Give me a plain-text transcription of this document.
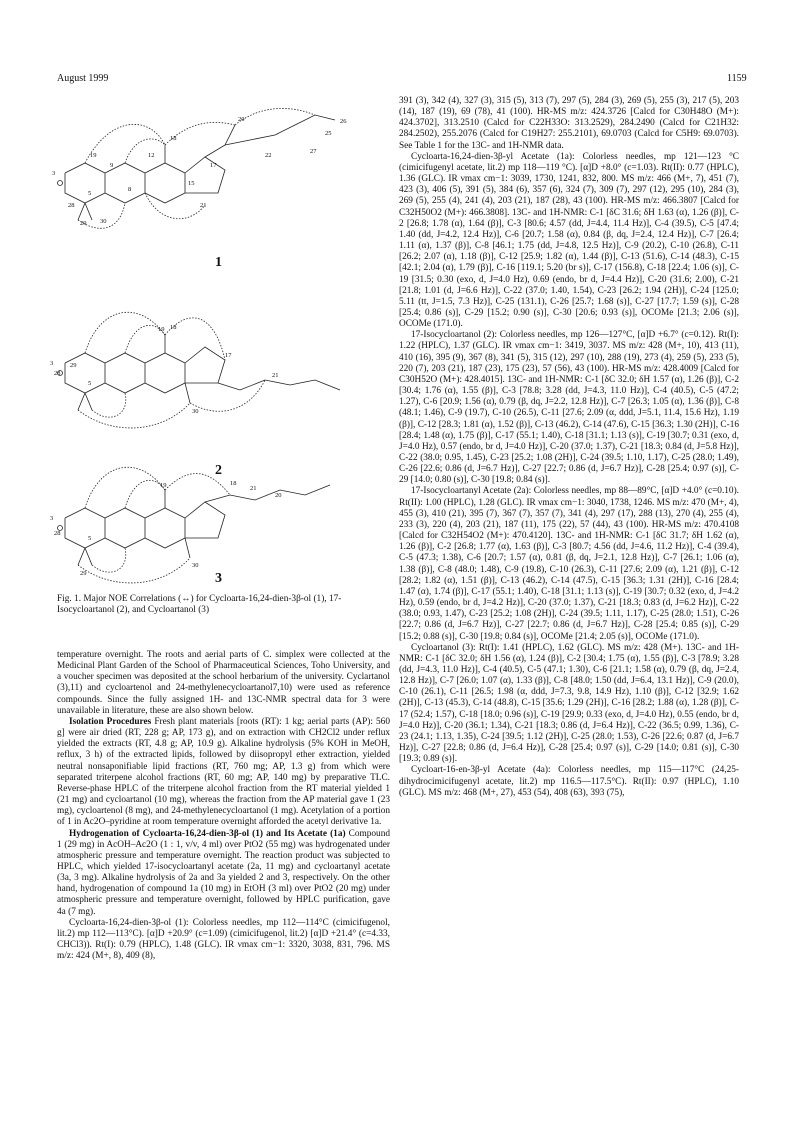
August 1999	1159
26
18
20
25
19	12
27
22
3
28
5
8
15
21
29
9
30
17
29
19 18
17
28
3
5
30
21
19	18
21
20
3
28
5
30
29
1
2
3
Fig. 1. Major NOE Correlations (↔) for Cycloarta-16,24-dien-3β-ol (1), 17-Isocycloartanol (2), and Cycloartanol (3)

temperature overnight. The roots and aerial parts of C. simplex were collected at the Medicinal Plant Garden of the School of Pharmaceutical Sciences, Toho University, and a voucher specimen was deposited at the school herbarium of the university. Cyclartanol (3),11) and cycloartenol and 24-methylenecycloartanol7,10) were used as reference compounds. Since the fully assigned 1H- and 13C-NMR spectral data for 3 were unavailable in literature, these are also shown below.

Isolation Procedures Fresh plant materials [roots (RT): 1 kg; aerial parts (AP): 560 g] were air dried (RT, 228 g; AP, 173 g), and on extraction with CH2Cl2 under reflux yielded the extracts (RT, 4.8 g; AP, 10.9 g). Alkaline hydrolysis (5% KOH in MeOH, reflux, 3 h) of the extracted lipids, followed by diisopropyl ether extraction, yielded neutral nonsaponifiable lipid fractions (RT, 760 mg; AP, 1.3 g) from which were separated triterpene alcohol fractions (RT, 60 mg; AP, 140 mg) by preparative TLC. Reverse-phase HPLC of the triterpene alcohol fraction from the RT material yielded 1 (21 mg) and cycloartanol (10 mg), whereas the fraction from the AP material gave 1 (23 mg), cycloartenol (8 mg), and 24-methylenecycloartanol (1 mg). Acetylation of a portion of 1 in Ac2O–pyridine at room temperature overnight afforded the acetyl derivative 1a.

Hydrogenation of Cycloarta-16,24-dien-3β-ol (1) and Its Acetate (1a) Compound 1 (29 mg) in AcOH–Ac2O (1 : 1, v/v, 4 ml) over PtO2 (55 mg) was hydrogenated under atmospheric pressure and temperature overnight. The reaction product was subjected to HPLC, which yielded 17-isocycloartanyl acetate (2a, 11 mg) and cycloartanyl acetate (3a, 3 mg). Alkaline hydrolysis of 2a and 3a yielded 2 and 3, respectively. On the other hand, hydrogenation of compound 1a (10 mg) in EtOH (3 ml) over PtO2 (20 mg) under atmospheric pressure and temperature overnight, followed by HPLC purification, gave 4a (7 mg).

Cycloarta-16,24-dien-3β-ol (1): Colorless needles, mp 112—114°C (cimicifugenol, lit.2) mp 112—113°C). [α]D +20.9° (c=1.09) (cimicifugenol, lit.2) [α]D +21.4° (c=4.33, CHCl3)). Rt(I): 0.79 (HPLC), 1.48 (GLC). IR νmax cm−1: 3320, 3038, 831, 796. MS m/z: 424 (M+, 8), 409 (8),

391 (3), 342 (4), 327 (3), 315 (5), 313 (7), 297 (5), 284 (3), 269 (5), 255 (3), 217 (5), 203 (14), 187 (19), 69 (78), 41 (100). HR-MS m/z: 424.3726 [Calcd for C30H48O (M+): 424.3702], 313.2510 (Calcd for C22H33O: 313.2529), 284.2490 (Calcd for C21H32: 284.2502), 255.2076 (Calcd for C19H27: 255.2101), 69.0703 (Calcd for C5H9: 69.0703). See Table 1 for the 13C- and 1H-NMR data.

Cycloarta-16,24-dien-3β-yl Acetate (1a): Colorless needles, mp 121—123 °C (cimicifugenyl acetate, lit.2) mp 118—119 °C). [α]D +8.0° (c=1.03). Rt(II): 0.77 (HPLC), 1.36 (GLC). IR νmax cm−1: 3039, 1730, 1241, 832, 800. MS m/z: 466 (M+, 7), 451 (7), 423 (3), 406 (5), 391 (5), 384 (6), 357 (6), 324 (7), 309 (7), 297 (12), 295 (10), 284 (3), 269 (5), 255 (4), 241 (4), 203 (21), 187 (28), 43 (100). HR-MS m/z: 466.3807 [Calcd for C32H50O2 (M+): 466.3808]. 13C- and 1H-NMR: C-1 [δC 31.6; δH 1.63 (α), 1.26 (β)], C-2 [26.8; 1.78 (α), 1.64 (β)], C-3 [80.6; 4.57 (dd, J=4.4, 11.4 Hz)], C-4 (39.5), C-5 [47.4; 1.40 (dd, J=4.2, 12.4 Hz)], C-6 [20.7; 1.58 (α), 0.84 (β, dq, J=2.4, 12.4 Hz)], C-7 [26.4; 1.11 (α), 1.37 (β)], C-8 [46.1; 1.75 (dd, J=4.8, 12.5 Hz)], C-9 (20.2), C-10 (26.8), C-11 [26.2; 2.07 (α), 1.18 (β)], C-12 [25.9; 1.82 (α), 1.44 (β)], C-13 (51.6), C-14 (48.3), C-15 [42.1; 2.04 (α), 1.79 (β)], C-16 [119.1; 5.20 (br s)], C-17 (156.8), C-18 [22.4; 1.06 (s)], C-19 [31.5; 0.30 (exo, d, J=4.0 Hz), 0.69 (endo, br d, J=4.4 Hz)], C-20 (31.6; 2.00), C-21 [21.8; 1.01 (d, J=6.6 Hz)], C-22 (37.0; 1.40, 1.54), C-23 [26.2; 1.94 (2H)], C-24 [125.0; 5.11 (tt, J=1.5, 7.3 Hz)], C-25 (131.1), C-26 [25.7; 1.68 (s)], C-27 [17.7; 1.59 (s)], C-28 [25.4; 0.86 (s)], C-29 [15.2; 0.90 (s)], C-30 [20.6; 0.93 (s)], OCOMe [21.3; 2.06 (s)], OCOMe (171.0).

17-Isocycloartanol (2): Colorless needles, mp 126—127°C, [α]D +6.7° (c=0.12). Rt(I): 1.22 (HPLC), 1.37 (GLC). IR νmax cm−1: 3419, 3037. MS m/z: 428 (M+, 10), 413 (11), 410 (16), 395 (9), 367 (8), 341 (5), 315 (12), 297 (10), 288 (19), 273 (4), 259 (5), 233 (5), 220 (7), 203 (21), 187 (23), 175 (23), 57 (56), 43 (100). HR-MS m/z: 428.4009 [Calcd for C30H52O (M+): 428.4015]. 13C- and 1H-NMR: C-1 [δC 32.0; δH 1.57 (α), 1.26 (β)], C-2 [30.4; 1.76 (α), 1.55 (β)], C-3 [78.8; 3.28 (dd, J=4.3, 11.0 Hz)], C-4 (40.5), C-5 (47.2; 1.27), C-6 [20.9; 1.56 (α), 0.79 (β, dq, J=2.2, 12.8 Hz)], C-7 [26.3; 1.05 (α), 1.36 (β)], C-8 (48.1; 1.46), C-9 (19.7), C-10 (26.5), C-11 [27.6; 2.09 (α, ddd, J=5.1, 11.4, 15.6 Hz), 1.19 (β)], C-12 [28.3; 1.81 (α), 1.52 (β)], C-13 (46.2), C-14 (47.6), C-15 [36.3; 1.30 (2H)], C-16 [28.4; 1.48 (α), 1.75 (β)], C-17 (55.1; 1.40), C-18 [31.1; 1.13 (s)], C-19 [30.7; 0.31 (exo, d, J=4.0 Hz), 0.57 (endo, br d, J=4.0 Hz)], C-20 (37.0; 1.37), C-21 [18.3; 0.84 (d, J=5.8 Hz)], C-22 (38.0; 0.95, 1.45), C-23 [25.2; 1.08 (2H)], C-24 (39.5; 1.10, 1.17), C-25 (28.0; 1.49), C-26 [22.6; 0.86 (d, J=6.7 Hz)], C-27 [22.7; 0.86 (d, J=6.7 Hz)], C-28 [25.4; 0.97 (s)], C-29 [14.0; 0.80 (s)], C-30 [19.8; 0.84 (s)].

17-Isocycloartanyl Acetate (2a): Colorless needles, mp 88—89°C, [α]D +4.0° (c=0.10). Rt(II): 1.00 (HPLC), 1.28 (GLC). IR νmax cm−1: 3040, 1738, 1246. MS m/z: 470 (M+, 4), 455 (3), 410 (21), 395 (7), 367 (7), 357 (7), 341 (4), 297 (17), 288 (13), 270 (4), 255 (4), 233 (3), 220 (4), 203 (21), 187 (11), 175 (22), 57 (44), 43 (100). HR-MS m/z: 470.4108 [Calcd for C32H54O2 (M+): 470.4120]. 13C- and 1H-NMR: C-1 [δC 31.7; δH 1.62 (α), 1.26 (β)], C-2 [26.8; 1.77 (α), 1.63 (β)], C-3 [80.7; 4.56 (dd, J=4.6, 11.2 Hz)], C-4 (39.4), C-5 (47.3; 1.38), C-6 [20.7; 1.57 (α), 0.81 (β, dq, J=2.1, 12.8 Hz)], C-7 [26.1; 1.06 (α), 1.38 (β)], C-8 (48.0; 1.48), C-9 (19.8), C-10 (26.3), C-11 [27.6; 2.09 (α), 1.21 (β)], C-12 [28.2; 1.82 (α), 1.51 (β)], C-13 (46.2), C-14 (47.5), C-15 [36.3; 1.31 (2H)], C-16 [28.4; 1.47 (α), 1.74 (β)], C-17 (55.1; 1.40), C-18 [31.1; 1.13 (s)], C-19 [30.7; 0.32 (exo, d, J=4.2 Hz), 0.59 (endo, br d, J=4.2 Hz)], C-20 (37.0; 1.37), C-21 [18.3; 0.83 (d, J=6.2 Hz)], C-22 (38.0; 0.93, 1.47), C-23 [25.2; 1.08 (2H)], C-24 (39.5; 1.11, 1.17), C-25 (28.0; 1.51), C-26 [22.7; 0.86 (d, J=6.7 Hz)], C-27 [22.7; 0.86 (d, J=6.7 Hz)], C-28 [25.4; 0.85 (s)], C-29 [15.2; 0.88 (s)], C-30 [19.8; 0.84 (s)], OCOMe [21.4; 2.05 (s)], OCOMe (171.0).

Cycloartanol (3): Rt(I): 1.41 (HPLC), 1.62 (GLC). MS m/z: 428 (M+). 13C- and 1H-NMR: C-1 [δC 32.0; δH 1.56 (α), 1.24 (β)], C-2 [30.4; 1.75 (α), 1.55 (β)], C-3 [78.9; 3.28 (dd, J=4.3, 11.0 Hz)], C-4 (40.5), C-5 (47.1; 1.30), C-6 [21.1; 1.58 (α), 0.79 (β, dq, J=2.4, 12.8 Hz)], C-7 [26.0; 1.07 (α), 1.33 (β)], C-8 [48.0; 1.50 (dd, J=6.4, 13.1 Hz)], C-9 (20.0), C-10 (26.1), C-11 [26.5; 1.98 (α, ddd, J=7.3, 9.8, 14.9 Hz), 1.10 (β)], C-12 [32.9; 1.62 (2H)], C-13 (45.3), C-14 (48.8), C-15 [35.6; 1.29 (2H)], C-16 [28.2; 1.88 (α), 1.28 (β)], C-17 (52.4; 1.57), C-18 [18.0; 0.96 (s)], C-19 [29.9; 0.33 (exo, d, J=4.0 Hz), 0.55 (endo, br d, J=4.0 Hz)], C-20 (36.1; 1.34), C-21 [18.3; 0.86 (d, J=6.4 Hz)], C-22 (36.5; 0.99, 1.36), C-23 (24.1; 1.13, 1.35), C-24 [39.5; 1.12 (2H)], C-25 (28.0; 1.53), C-26 [22.6; 0.87 (d, J=6.7 Hz)], C-27 [22.8; 0.86 (d, J=6.4 Hz)], C-28 [25.4; 0.97 (s)], C-29 [14.0; 0.81 (s)], C-30 [19.3; 0.89 (s)].

Cycloart-16-en-3β-yl Acetate (4a): Colorless needles, mp 115—117°C (24,25-dihydrocimicifugenyl acetate, lit.2) mp 116.5—117.5°C). Rt(II): 0.97 (HPLC), 1.10 (GLC). MS m/z: 468 (M+, 27), 453 (54), 408 (63), 393 (75),
